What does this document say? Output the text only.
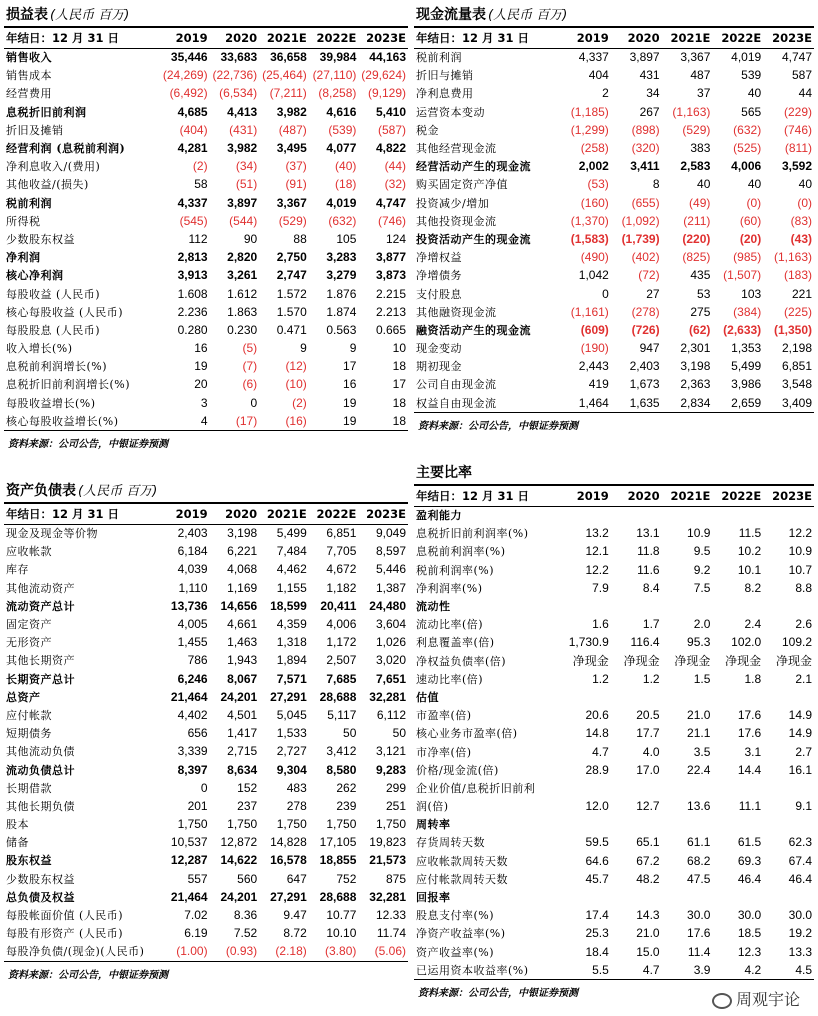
损益表 (人民币 百万)
年结日：12 月 31 日	2019	2020	2021E	2022E	2023E
销售收入	35,446	33,683	36,658	39,984	44,163
销售成本	(24,269)	(22,736)	(25,464)	(27,110)	(29,624)
经营费用	(6,492)	(6,534)	(7,211)	(8,258)	(9,129)
息税折旧前利润	4,685	4,413	3,982	4,616	5,410
折旧及摊销	(404)	(431)	(487)	(539)	(587)
经营利润 (息税前利润)	4,281	3,982	3,495	4,077	4,822
净利息收入/(费用)	(2)	(34)	(37)	(40)	(44)
其他收益/(损失)	58	(51)	(91)	(18)	(32)
税前利润	4,337	3,897	3,367	4,019	4,747
所得税	(545)	(544)	(529)	(632)	(746)
少数股东权益	112	90	88	105	124
净利润	2,813	2,820	2,750	3,283	3,877
核心净利润	3,913	3,261	2,747	3,279	3,873
每股收益 (人民币)	1.608	1.612	1.572	1.876	2.215
核心每股收益 (人民币)	2.236	1.863	1.570	1.874	2.213
每股股息 (人民币)	0.280	0.230	0.471	0.563	0.665
收入增长(%)	16	(5)	9	9	10
息税前利润增长(%)	19	(7)	(12)	17	18
息税折旧前利润增长(%)	20	(6)	(10)	16	17
每股收益增长(%)	3	0	(2)	19	18
核心每股收益增长(%)	4	(17)	(16)	19	18
资料来源：公司公告，中银证券预测
现金流量表 (人民币 百万)
年结日：12 月 31 日	2019	2020	2021E	2022E	2023E
税前利润	4,337	3,897	3,367	4,019	4,747
折旧与摊销	404	431	487	539	587
净利息费用	2	34	37	40	44
运营资本变动	(1,185)	267	(1,163)	565	(229)
税金	(1,299)	(898)	(529)	(632)	(746)
其他经营现金流	(258)	(320)	383	(525)	(811)
经营活动产生的现金流	2,002	3,411	2,583	4,006	3,592
购买固定资产净值	(53)	8	40	40	40
投资减少/增加	(160)	(655)	(49)	(0)	(0)
其他投资现金流	(1,370)	(1,092)	(211)	(60)	(83)
投资活动产生的现金流	(1,583)	(1,739)	(220)	(20)	(43)
净增权益	(490)	(402)	(825)	(985)	(1,163)
净增债务	1,042	(72)	435	(1,507)	(183)
支付股息	0	27	53	103	221
其他融资现金流	(1,161)	(278)	275	(384)	(225)
融资活动产生的现金流	(609)	(726)	(62)	(2,633)	(1,350)
现金变动	(190)	947	2,301	1,353	2,198
期初现金	2,443	2,403	3,198	5,499	6,851
公司自由现金流	419	1,673	2,363	3,986	3,548
权益自由现金流	1,464	1,635	2,834	2,659	3,409
资料来源：公司公告，中银证券预测
资产负债表 (人民币 百万)
年结日：12 月 31 日	2019	2020	2021E	2022E	2023E
现金及现金等价物	2,403	3,198	5,499	6,851	9,049
应收帐款	6,184	6,221	7,484	7,705	8,597
库存	4,039	4,068	4,462	4,672	5,446
其他流动资产	1,110	1,169	1,155	1,182	1,387
流动资产总计	13,736	14,656	18,599	20,411	24,480
固定资产	4,005	4,661	4,359	4,006	3,604
无形资产	1,455	1,463	1,318	1,172	1,026
其他长期资产	786	1,943	1,894	2,507	3,020
长期资产总计	6,246	8,067	7,571	7,685	7,651
总资产	21,464	24,201	27,291	28,688	32,281
应付帐款	4,402	4,501	5,045	5,117	6,112
短期债务	656	1,417	1,533	50	50
其他流动负债	3,339	2,715	2,727	3,412	3,121
流动负债总计	8,397	8,634	9,304	8,580	9,283
长期借款	0	152	483	262	299
其他长期负债	201	237	278	239	251
股本	1,750	1,750	1,750	1,750	1,750
储备	10,537	12,872	14,828	17,105	19,823
股东权益	12,287	14,622	16,578	18,855	21,573
少数股东权益	557	560	647	752	875
总负债及权益	21,464	24,201	27,291	28,688	32,281
每股帐面价值 (人民币)	7.02	8.36	9.47	10.77	12.33
每股有形资产 (人民币)	6.19	7.52	8.72	10.10	11.74
每股净负债/(现金)(人民币)	(1.00)	(0.93)	(2.18)	(3.80)	(5.06)
资料来源：公司公告，中银证券预测
主要比率
年结日：12 月 31 日	2019	2020	2021E	2022E	2023E
盈利能力					
息税折旧前利润率(%)	13.2	13.1	10.9	11.5	12.2
息税前利润率(%)	12.1	11.8	9.5	10.2	10.9
税前利润率(%)	12.2	11.6	9.2	10.1	10.7
净利润率(%)	7.9	8.4	7.5	8.2	8.8
流动性					
流动比率(倍)	1.6	1.7	2.0	2.4	2.6
利息覆盖率(倍)	1,730.9	116.4	95.3	102.0	109.2
净权益负债率(倍)	净现金	净现金	净现金	净现金	净现金
速动比率(倍)	1.2	1.2	1.5	1.8	2.1
估值					
市盈率(倍)	20.6	20.5	21.0	17.6	14.9
核心业务市盈率(倍)	14.8	17.7	21.1	17.6	14.9
市净率(倍)	4.7	4.0	3.5	3.1	2.7
价格/现金流(倍)	28.9	17.0	22.4	14.4	16.1
企业价值/息税折旧前利					
润(倍)	12.0	12.7	13.6	11.1	9.1
周转率					
存货周转天数	59.5	65.1	61.1	61.5	62.3
应收帐款周转天数	64.6	67.2	68.2	69.3	67.4
应付帐款周转天数	45.7	48.2	47.5	46.4	46.4
回报率					
股息支付率(%)	17.4	14.3	30.0	30.0	30.0
净资产收益率(%)	25.3	21.0	17.6	18.5	19.2
资产收益率(%)	18.4	15.0	11.4	12.3	13.3
已运用资本收益率(%)	5.5	4.7	3.9	4.2	4.5
资料来源：公司公告，中银证券预测	周观宇论
